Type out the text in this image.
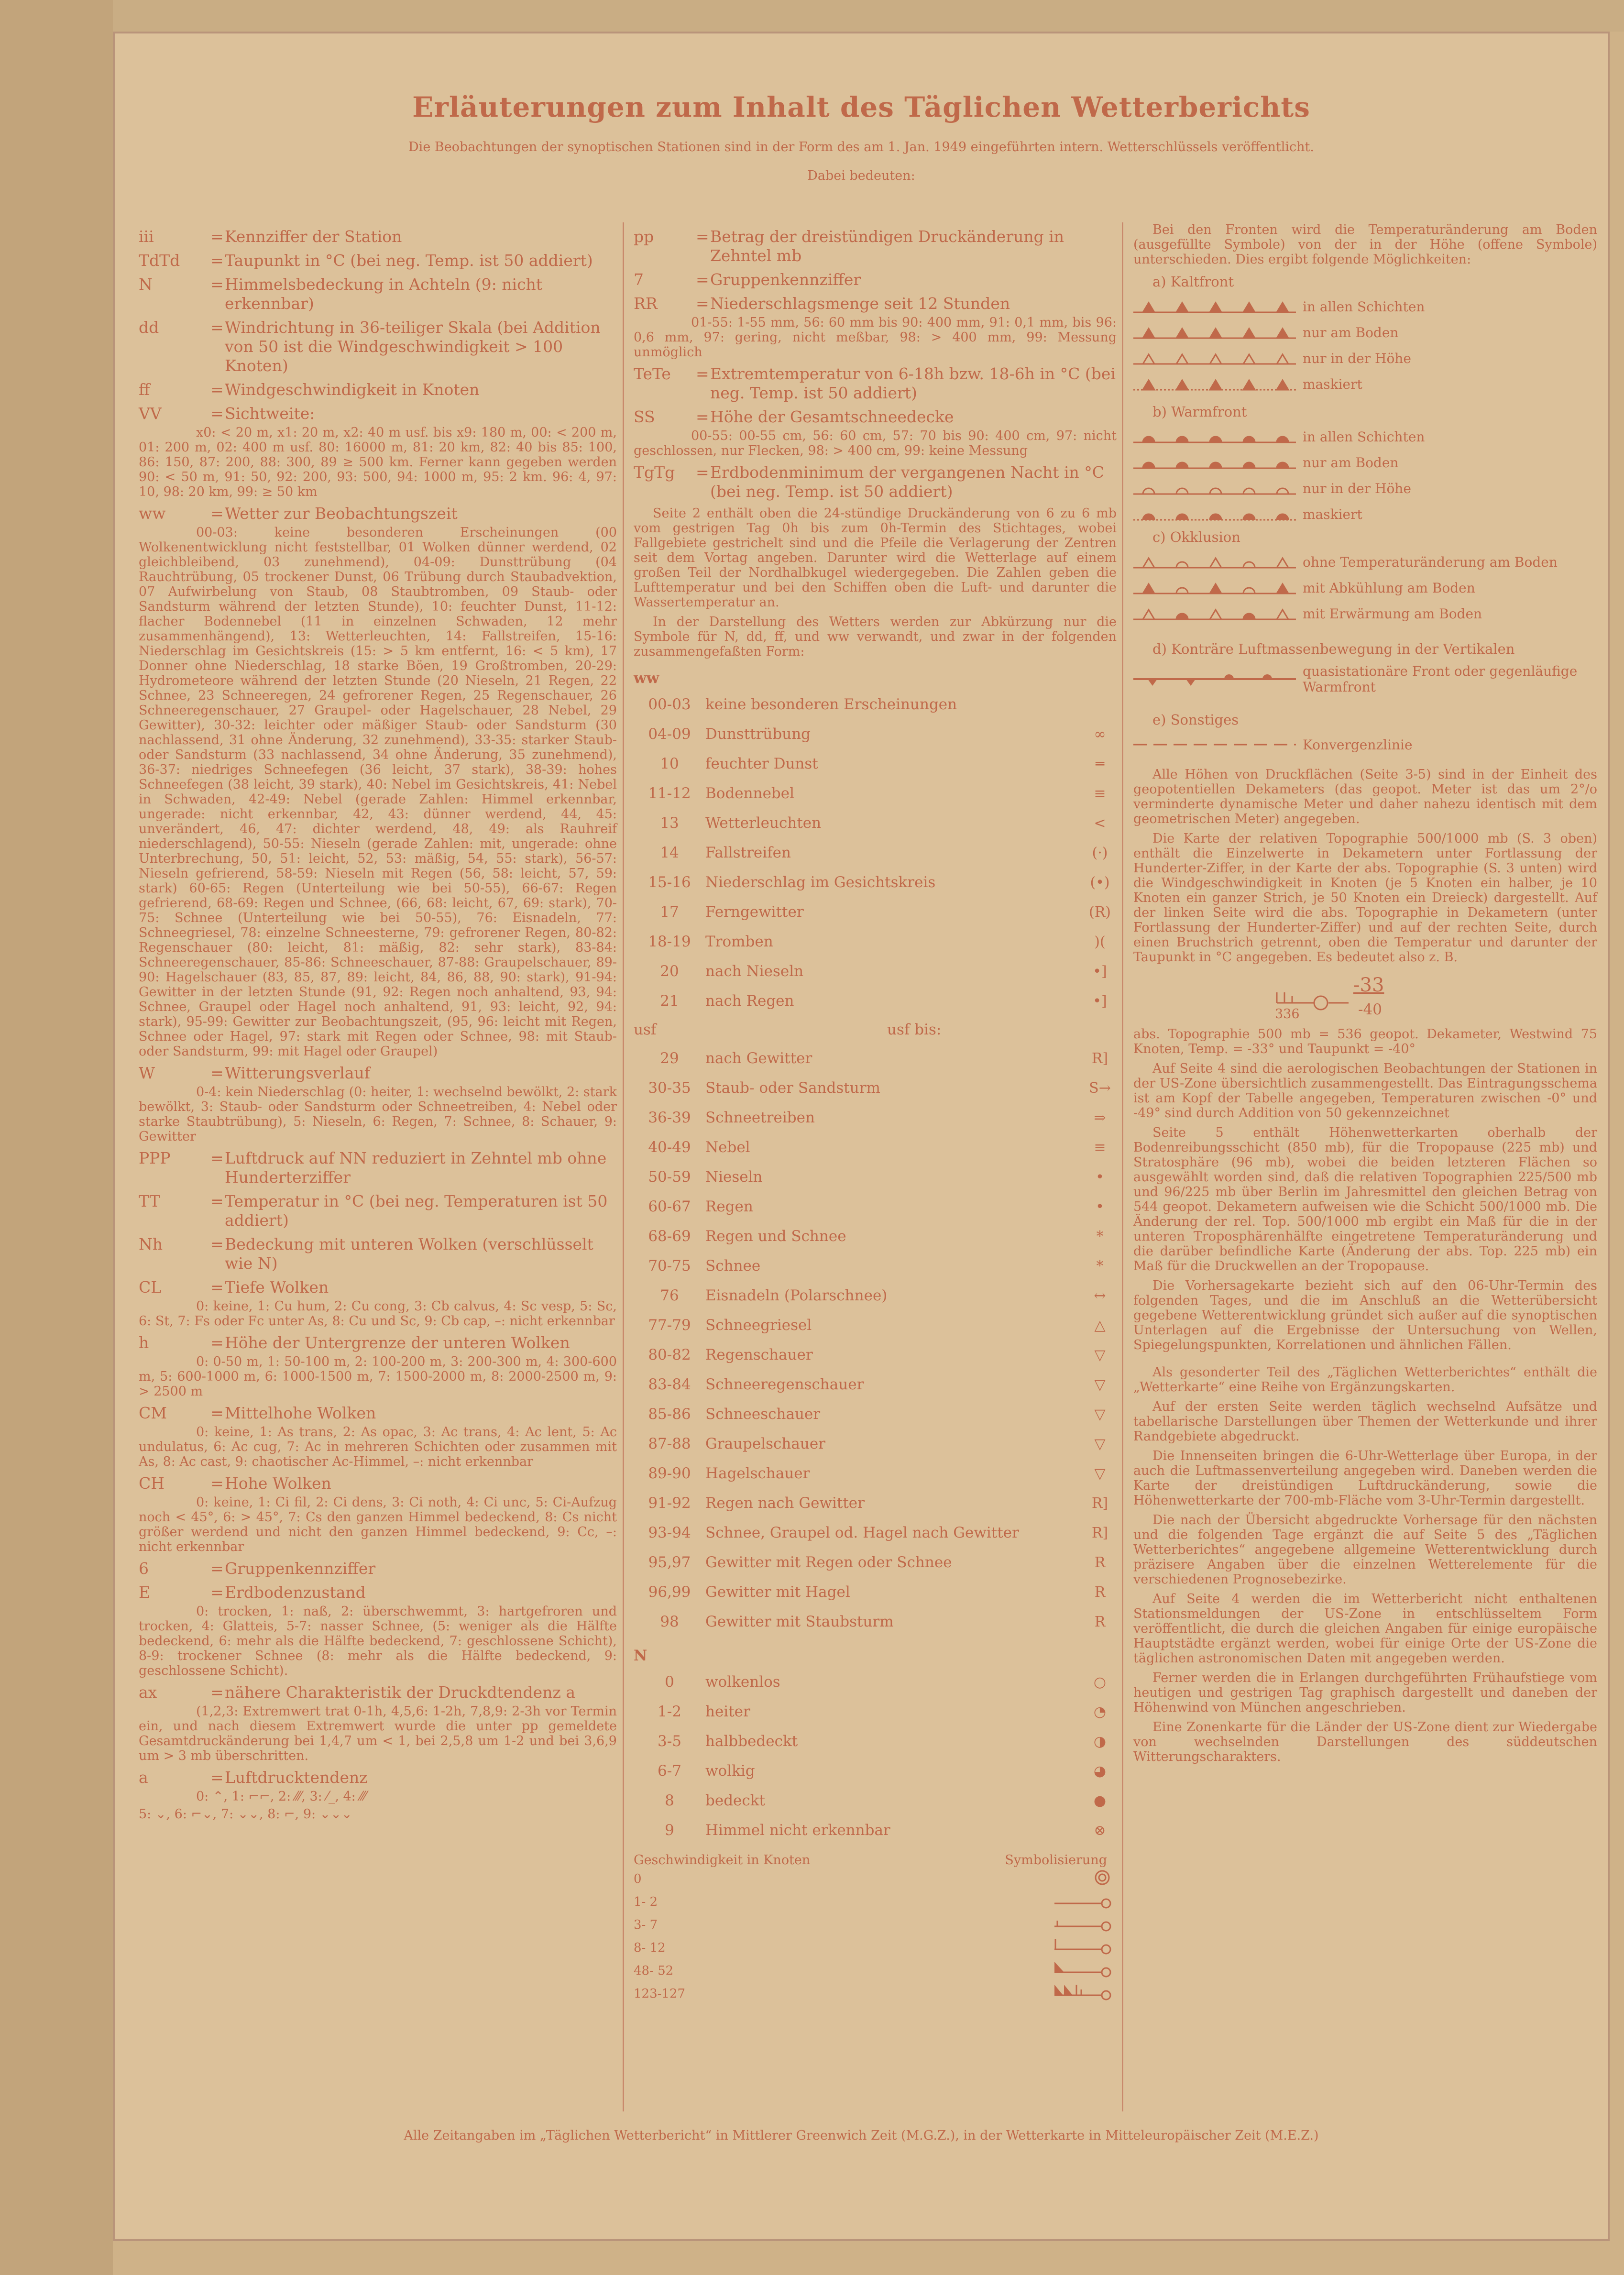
Erläuterungen zum Inhalt des Täglichen Wetterberichts
Die Beobachtungen der synoptischen Stationen sind in der Form des am 1. Jan. 1949 eingeführten intern. Wetterschlüssels veröffentlicht.
Dabei bedeuten:
iii	= Kennziffer der Station
TdTd	= Taupunkt in °C (bei neg. Temp. ist 50 addiert)
N	= Himmelsbedeckung in Achteln (9: nicht erkennbar)
dd	= Windrichtung in 36-teiliger Skala (bei Addition von 50 ist die Windgeschwindigkeit > 100 Knoten)
ff	= Windgeschwindigkeit in Knoten
VV	= Sichtweite:
x0: < 20 m, x1: 20 m, x2: 40 m usf. bis x9: 180 m, 00: < 200 m, 01: 200 m, 02: 400 m usf. 80: 16000 m, 81: 20 km, 82: 40 bis 85: 100, 86: 150, 87: 200, 88: 300, 89 ≥ 500 km. Ferner kann gegeben werden 90: < 50 m, 91: 50, 92: 200, 93: 500, 94: 1000 m, 95: 2 km. 96: 4, 97: 10, 98: 20 km, 99: ≥ 50 km
ww	= Wetter zur Beobachtungszeit
00-03: keine besonderen Erscheinungen (00 Wolkenentwicklung nicht feststellbar, 01 Wolken dünner werdend, 02 gleichbleibend, 03 zunehmend), 04-09: Dunsttrübung (04 Rauchtrübung, 05 trockener Dunst, 06 Trübung durch Staubadvektion, 07 Aufwirbelung von Staub, 08 Staubtromben, 09 Staub- oder Sandsturm während der letzten Stunde), 10: feuchter Dunst, 11-12: flacher Bodennebel (11 in einzelnen Schwaden, 12 mehr zusammenhängend), 13: Wetterleuchten, 14: Fallstreifen, 15-16: Niederschlag im Gesichtskreis (15: > 5 km entfernt, 16: < 5 km), 17 Donner ohne Niederschlag, 18 starke Böen, 19 Großtromben, 20-29: Hydrometeore während der letzten Stunde (20 Nieseln, 21 Regen, 22 Schnee, 23 Schneeregen, 24 gefrorener Regen, 25 Regenschauer, 26 Schneeregenschauer, 27 Graupel- oder Hagelschauer, 28 Nebel, 29 Gewitter), 30-32: leichter oder mäßiger Staub- oder Sandsturm (30 nachlassend, 31 ohne Änderung, 32 zunehmend), 33-35: starker Staub- oder Sandsturm (33 nachlassend, 34 ohne Änderung, 35 zunehmend), 36-37: niedriges Schneefegen (36 leicht, 37 stark), 38-39: hohes Schneefegen (38 leicht, 39 stark), 40: Nebel im Gesichtskreis, 41: Nebel in Schwaden, 42-49: Nebel (gerade Zahlen: Himmel erkennbar, ungerade: nicht erkennbar, 42, 43: dünner werdend, 44, 45: unverändert, 46, 47: dichter werdend, 48, 49: als Rauhreif niederschlagend), 50-55: Nieseln (gerade Zahlen: mit, ungerade: ohne Unterbrechung, 50, 51: leicht, 52, 53: mäßig, 54, 55: stark), 56-57: Nieseln gefrierend, 58-59: Nieseln mit Regen (56, 58: leicht, 57, 59: stark) 60-65: Regen (Unterteilung wie bei 50-55), 66-67: Regen gefrierend, 68-69: Regen und Schnee, (66, 68: leicht, 67, 69: stark), 70-75: Schnee (Unterteilung wie bei 50-55), 76: Eisnadeln, 77: Schneegriesel, 78: einzelne Schneesterne, 79: gefrorener Regen, 80-82: Regenschauer (80: leicht, 81: mäßig, 82: sehr stark), 83-84: Schneeregenschauer, 85-86: Schneeschauer, 87-88: Graupelschauer, 89-90: Hagelschauer (83, 85, 87, 89: leicht, 84, 86, 88, 90: stark), 91-94: Gewitter in der letzten Stunde (91, 92: Regen noch anhaltend, 93, 94: Schnee, Graupel oder Hagel noch anhaltend, 91, 93: leicht, 92, 94: stark), 95-99: Gewitter zur Beobachtungszeit, (95, 96: leicht mit Regen, Schnee oder Hagel, 97: stark mit Regen oder Schnee, 98: mit Staub- oder Sandsturm, 99: mit Hagel oder Graupel)
W	= Witterungsverlauf
0-4: kein Niederschlag (0: heiter, 1: wechselnd bewölkt, 2: stark bewölkt, 3: Staub- oder Sandsturm oder Schneetreiben, 4: Nebel oder starke Staubtrübung), 5: Nieseln, 6: Regen, 7: Schnee, 8: Schauer, 9: Gewitter
PPP	= Luftdruck auf NN reduziert in Zehntel mb ohne Hunderterziffer
TT	= Temperatur in °C (bei neg. Temperaturen ist 50 addiert)
Nh	= Bedeckung mit unteren Wolken (verschlüsselt wie N)
CL	= Tiefe Wolken
0: keine, 1: Cu hum, 2: Cu cong, 3: Cb calvus, 4: Sc vesp, 5: Sc, 6: St, 7: Fs oder Fc unter As, 8: Cu und Sc, 9: Cb cap, –: nicht erkennbar
h	= Höhe der Untergrenze der unteren Wolken
0: 0-50 m, 1: 50-100 m, 2: 100-200 m, 3: 200-300 m, 4: 300-600 m, 5: 600-1000 m, 6: 1000-1500 m, 7: 1500-2000 m, 8: 2000-2500 m, 9: > 2500 m
CM	= Mittelhohe Wolken
0: keine, 1: As trans, 2: As opac, 3: Ac trans, 4: Ac lent, 5: Ac undulatus, 6: Ac cug, 7: Ac in mehreren Schichten oder zusammen mit As, 8: Ac cast, 9: chaotischer Ac-Himmel, –: nicht erkennbar
CH	= Hohe Wolken
0: keine, 1: Ci fil, 2: Ci dens, 3: Ci noth, 4: Ci unc, 5: Ci-Aufzug noch < 45°, 6: > 45°, 7: Cs den ganzen Himmel bedeckend, 8: Cs nicht größer werdend und nicht den ganzen Himmel bedeckend, 9: Cc, –: nicht erkennbar
6	= Gruppenkennziffer
E	= Erdbodenzustand
0: trocken, 1: naß, 2: überschwemmt, 3: hartgefroren und trocken, 4: Glatteis, 5-7: nasser Schnee, (5: weniger als die Hälfte bedeckend, 6: mehr als die Hälfte bedeckend, 7: geschlossene Schicht), 8-9: trockener Schnee (8: mehr als die Hälfte bedeckend, 9: geschlossene Schicht).
ax	= nähere Charakteristik der Druckdtendenz a
(1,2,3: Extremwert trat 0-1h, 4,5,6: 1-2h, 7,8,9: 2-3h vor Termin ein, und nach diesem Extremwert wurde die unter pp gemeldete Gesamtdruckänderung bei 1,4,7 um < 1, bei 2,5,8 um 1-2 und bei 3,6,9 um > 3 mb überschritten.
a	= Luftdrucktendenz
0: ⌃, 1: ⌐⌐, 2: ⁄⁄⁄, 3: ⁄_, 4: ⁄⁄⁄
5: ⌄, 6: ⌐⌄, 7: ⌄⌄, 8: ⌐, 9: ⌄⌄⌄
pp	= Betrag der dreistündigen Druckänderung in Zehntel mb
7	= Gruppenkennziffer
RR	= Niederschlagsmenge seit 12 Stunden
01-55: 1-55 mm, 56: 60 mm bis 90: 400 mm, 91: 0,1 mm, bis 96: 0,6 mm, 97: gering, nicht meßbar, 98: > 400 mm, 99: Messung unmöglich
TeTe	= Extremtemperatur von 6-18h bzw. 18-6h in °C (bei neg. Temp. ist 50 addiert)
SS	= Höhe der Gesamtschneedecke
00-55: 00-55 cm, 56: 60 cm, 57: 70 bis 90: 400 cm, 97: nicht geschlossen, nur Flecken, 98: > 400 cm, 99: keine Messung
TgTg	= Erdbodenminimum der vergangenen Nacht in °C (bei neg. Temp. ist 50 addiert)
Seite 2 enthält oben die 24-stündige Druckänderung von 6 zu 6 mb vom gestrigen Tag 0h bis zum 0h-Termin des Stichtages, wobei Fallgebiete gestrichelt sind und die Pfeile die Verlagerung der Zentren seit dem Vortag angeben. Darunter wird die Wetterlage auf einem großen Teil der Nordhalbkugel wiedergegeben. Die Zahlen geben die Lufttemperatur und bei den Schiffen oben die Luft- und darunter die Wassertemperatur an.
In der Darstellung des Wetters werden zur Abkürzung nur die Symbole für N, dd, ff, und ww verwandt, und zwar in der folgenden zusammengefaßten Form:
ww
00-03	keine besonderen Erscheinungen	
04-09	Dunsttrübung	∞
10	feuchter Dunst	═
11-12	Bodennebel	≡
13	Wetterleuchten	<
14	Fallstreifen	(·)
15-16	Niederschlag im Gesichtskreis	(•)
17	Ferngewitter	(R)
18-19	Tromben	)(
20	nach Nieseln	•]
21	nach Regen	•]
usf	usf bis:
29	nach Gewitter	R]
30-35	Staub- oder Sandsturm	S→
36-39	Schneetreiben	⇒
40-49	Nebel	≡
50-59	Nieseln	•
60-67	Regen	•
68-69	Regen und Schnee	*
70-75	Schnee	*
76	Eisnadeln (Polarschnee)	↔
77-79	Schneegriesel	△
80-82	Regenschauer	▽
83-84	Schneeregenschauer	▽
85-86	Schneeschauer	▽
87-88	Graupelschauer	▽
89-90	Hagelschauer	▽
91-92	Regen nach Gewitter	R]
93-94	Schnee, Graupel od. Hagel nach Gewitter	R]
95,97	Gewitter mit Regen oder Schnee	R
96,99	Gewitter mit Hagel	R
98	Gewitter mit Staubsturm	R
N
0	wolkenlos	○
1-2	heiter	◔
3-5	halbbedeckt	◑
6-7	wolkig	◕
8	bedeckt	●
9	Himmel nicht erkennbar	⊗
Geschwindigkeit in Knoten	Symbolisierung
0	
1- 2	
3- 7	
8- 12	
48- 52	
123-127	
Bei den Fronten wird die Temperaturänderung am Boden (ausgefüllte Symbole) von der in der Höhe (offene Symbole) unterschieden. Dies ergibt folgende Möglichkeiten:
a) Kaltfront
in allen Schichten
nur am Boden
nur in der Höhe
maskiert
b) Warmfront
in allen Schichten
nur am Boden
nur in der Höhe
maskiert
c) Okklusion
ohne Temperaturänderung am Boden
mit Abkühlung am Boden
mit Erwärmung am Boden
d) Konträre Luftmassenbewegung in der Vertikalen
quasistationäre Front oder gegenläufige Warmfront
e) Sonstiges
Konvergenzlinie
Alle Höhen von Druckflächen (Seite 3-5) sind in der Einheit des geopotentiellen Dekameters (das geopot. Meter ist das um 2°/o verminderte dynamische Meter und daher nahezu identisch mit dem geometrischen Meter) angegeben.
Die Karte der relativen Topographie 500/1000 mb (S. 3 oben) enthält die Einzelwerte in Dekametern unter Fortlassung der Hunderter-Ziffer, in der Karte der abs. Topographie (S. 3 unten) wird die Windgeschwindigkeit in Knoten (je 5 Knoten ein halber, je 10 Knoten ein ganzer Strich, je 50 Knoten ein Dreieck) dargestellt. Auf der linken Seite wird die abs. Topographie in Dekametern (unter Fortlassung der Hunderter-Ziffer) und auf der rechten Seite, durch einen Bruchstrich getrennt, oben die Temperatur und darunter der Taupunkt in °C angegeben. Es bedeutet also z. B.
336
-33
-40
abs. Topographie 500 mb = 536 geopot. Dekameter, Westwind 75 Knoten, Temp. = -33° und Taupunkt = -40°
Auf Seite 4 sind die aerologischen Beobachtungen der Stationen in der US-Zone übersichtlich zusammengestellt. Das Eintragungsschema ist am Kopf der Tabelle angegeben, Temperaturen zwischen -0° und -49° sind durch Addition von 50 gekennzeichnet
Seite 5 enthält Höhenwetterkarten oberhalb der Bodenreibungsschicht (850 mb), für die Tropopause (225 mb) und Stratosphäre (96 mb), wobei die beiden letzteren Flächen so ausgewählt worden sind, daß die relativen Topographien 225/500 mb und 96/225 mb über Berlin im Jahresmittel den gleichen Betrag von 544 geopot. Dekametern aufweisen wie die Schicht 500/1000 mb. Die Änderung der rel. Top. 500/1000 mb ergibt ein Maß für die in der unteren Troposphärenhälfte eingetretene Temperaturänderung und die darüber befindliche Karte (Änderung der abs. Top. 225 mb) ein Maß für die Druckwellen an der Tropopause.
Die Vorhersagekarte bezieht sich auf den 06-Uhr-Termin des folgenden Tages, und die im Anschluß an die Wetterübersicht gegebene Wetterentwicklung gründet sich außer auf die synoptischen Unterlagen auf die Ergebnisse der Untersuchung von Wellen, Spiegelungspunkten, Korrelationen und ähnlichen Fällen.
Als gesonderter Teil des „Täglichen Wetterberichtes“ enthält die „Wetterkarte“ eine Reihe von Ergänzungskarten.
Auf der ersten Seite werden täglich wechselnd Aufsätze und tabellarische Darstellungen über Themen der Wetterkunde und ihrer Randgebiete abgedruckt.
Die Innenseiten bringen die 6-Uhr-Wetterlage über Europa, in der auch die Luftmassenverteilung angegeben wird. Daneben werden die Karte der dreistündigen Luftdruckänderung, sowie die Höhenwetterkarte der 700-mb-Fläche vom 3-Uhr-Termin dargestellt.
Die nach der Übersicht abgedruckte Vorhersage für den nächsten und die folgenden Tage ergänzt die auf Seite 5 des „Täglichen Wetterberichtes“ angegebene allgemeine Wetterentwicklung durch präzisere Angaben über die einzelnen Wetterelemente für die verschiedenen Prognosebezirke.
Auf Seite 4 werden die im Wetterbericht nicht enthaltenen Stationsmeldungen der US-Zone in entschlüsseltem Form veröffentlicht, die durch die gleichen Angaben für einige europäische Hauptstädte ergänzt werden, wobei für einige Orte der US-Zone die täglichen astronomischen Daten mit angegeben werden.
Ferner werden die in Erlangen durchgeführten Frühaufstiege vom heutigen und gestrigen Tag graphisch dargestellt und daneben der Höhenwind von München angeschrieben.
Eine Zonenkarte für die Länder der US-Zone dient zur Wiedergabe von wechselnden Darstellungen des süddeutschen Witterungscharakters.
Alle Zeitangaben im „Täglichen Wetterbericht“ in Mittlerer Greenwich Zeit (M.G.Z.), in der Wetterkarte in Mitteleuropäischer Zeit (M.E.Z.)
